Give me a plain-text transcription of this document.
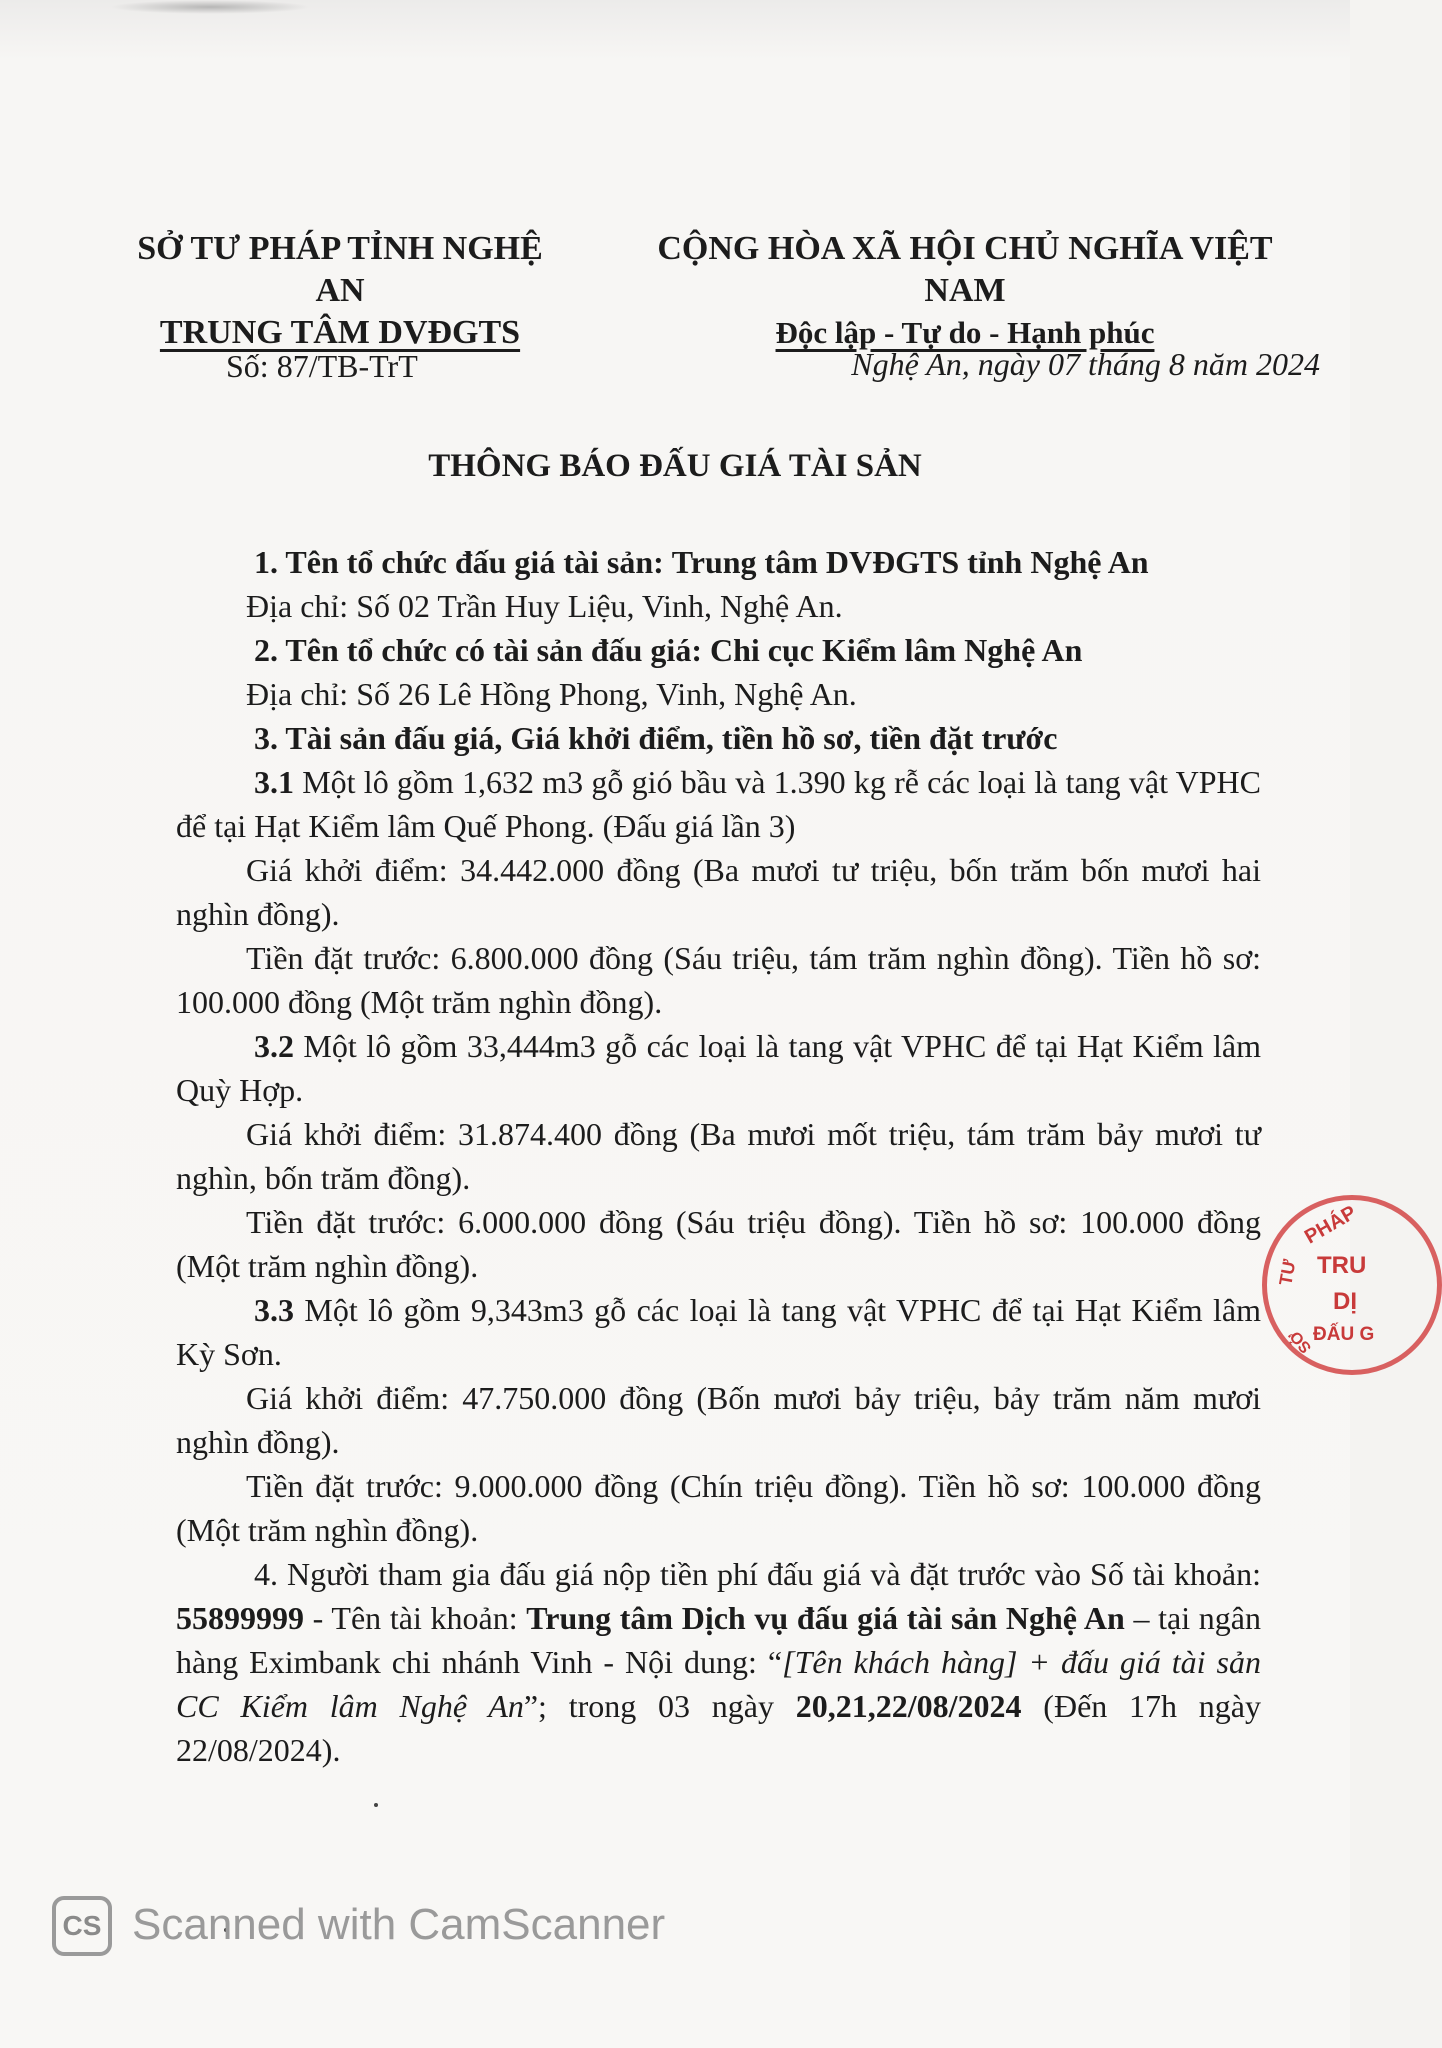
SỞ TƯ PHÁP TỈNH NGHỆ AN
TRUNG TÂM DVĐGTS
CỘNG HÒA XÃ HỘI CHỦ NGHĨA VIỆT NAM
Độc lập - Tự do - Hạnh phúc
Số: 87/TB-TrT	Nghệ An, ngày 07 tháng 8 năm 2024
THÔNG BÁO ĐẤU GIÁ TÀI SẢN

1. Tên tổ chức đấu giá tài sản: Trung tâm DVĐGTS tỉnh Nghệ An

Địa chỉ: Số 02 Trần Huy Liệu, Vinh, Nghệ An.

2. Tên tổ chức có tài sản đấu giá: Chi cục Kiểm lâm Nghệ An

Địa chỉ: Số 26 Lê Hồng Phong, Vinh, Nghệ An.

3. Tài sản đấu giá, Giá khởi điểm, tiền hồ sơ, tiền đặt trước

3.1 Một lô gồm 1,632 m3 gỗ gió bầu và 1.390 kg rễ các loại là tang vật VPHC để tại Hạt Kiểm lâm Quế Phong. (Đấu giá lần 3)

Giá khởi điểm: 34.442.000 đồng (Ba mươi tư triệu, bốn trăm bốn mươi hai nghìn đồng).

Tiền đặt trước: 6.800.000 đồng (Sáu triệu, tám trăm nghìn đồng). Tiền hồ sơ: 100.000 đồng (Một trăm nghìn đồng).

3.2 Một lô gồm 33,444m3 gỗ các loại là tang vật VPHC để tại Hạt Kiểm lâm Quỳ Hợp.

Giá khởi điểm: 31.874.400 đồng (Ba mươi mốt triệu, tám trăm bảy mươi tư nghìn, bốn trăm đồng).

Tiền đặt trước: 6.000.000 đồng (Sáu triệu đồng). Tiền hồ sơ: 100.000 đồng (Một trăm nghìn đồng).

3.3 Một lô gồm 9,343m3 gỗ các loại là tang vật VPHC để tại Hạt Kiểm lâm Kỳ Sơn.

Giá khởi điểm: 47.750.000 đồng (Bốn mươi bảy triệu, bảy trăm năm mươi nghìn đồng).

Tiền đặt trước: 9.000.000 đồng (Chín triệu đồng). Tiền hồ sơ: 100.000 đồng (Một trăm nghìn đồng).

4. Người tham gia đấu giá nộp tiền phí đấu giá và đặt trước vào Số tài khoản: 55899999 - Tên tài khoản: Trung tâm Dịch vụ đấu giá tài sản Nghệ An – tại ngân hàng Eximbank chi nhánh Vinh - Nội dung: “[Tên khách hàng] + đấu giá tài sản CC Kiểm lâm Nghệ An”; trong 03 ngày 20,21,22/08/2024 (Đến 17h ngày 22/08/2024).

PHÁP
TRU
DỊ
ĐẤU G
TƯ
SỞ
CS Scanned with CamScanner
